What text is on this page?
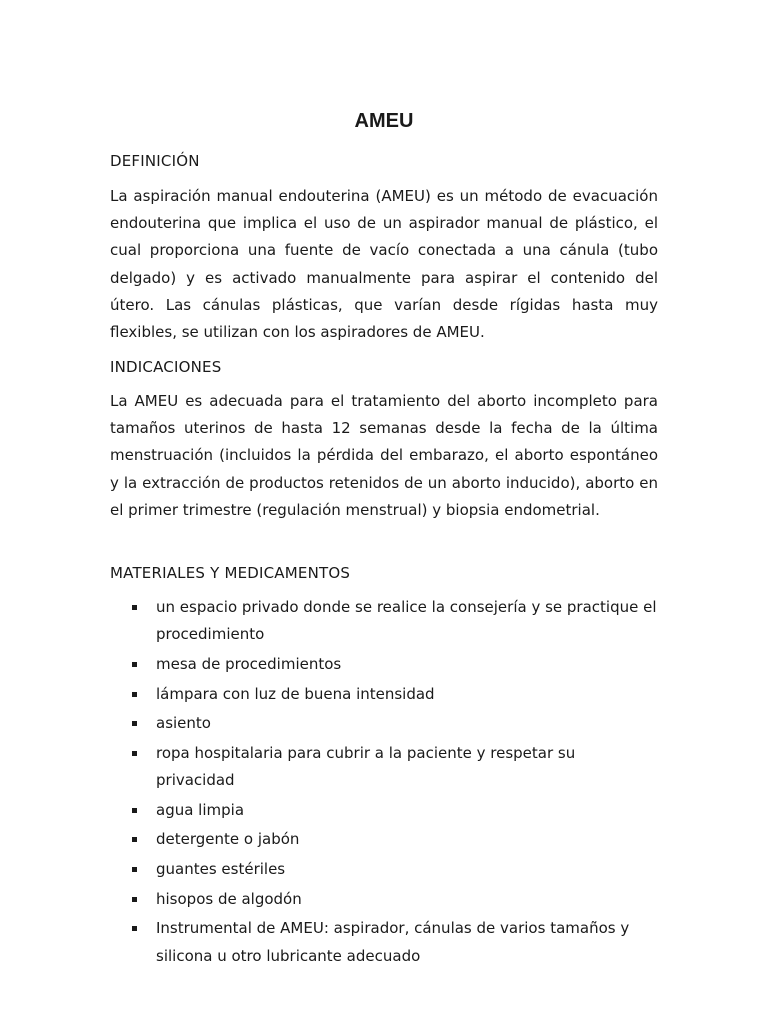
AMEU
DEFINICIÓN

La aspiración manual endouterina (AMEU) es un método de evacuación endouterina que implica el uso de un aspirador manual de plástico, el cual proporciona una fuente de vacío conectada a una cánula (tubo delgado) y es activado manualmente para aspirar el contenido del útero. Las cánulas plásticas, que varían desde rígidas hasta muy flexibles, se utilizan con los aspiradores de AMEU.

INDICACIONES

La AMEU es adecuada para el tratamiento del aborto incompleto para tamaños uterinos de hasta 12 semanas desde la fecha de la última menstruación (incluidos la pérdida del embarazo, el aborto espontáneo y la extracción de productos retenidos de un aborto inducido), aborto en el primer trimestre (regulación menstrual) y biopsia endometrial.

MATERIALES Y MEDICAMENTOS
un espacio privado donde se realice la consejería y se practique el procedimiento
mesa de procedimientos
lámpara con luz de buena intensidad
asiento
ropa hospitalaria para cubrir a la paciente y respetar su privacidad
agua limpia
detergente o jabón
guantes estériles
hisopos de algodón
Instrumental de AMEU: aspirador, cánulas de varios tamaños y silicona u otro lubricante adecuado
